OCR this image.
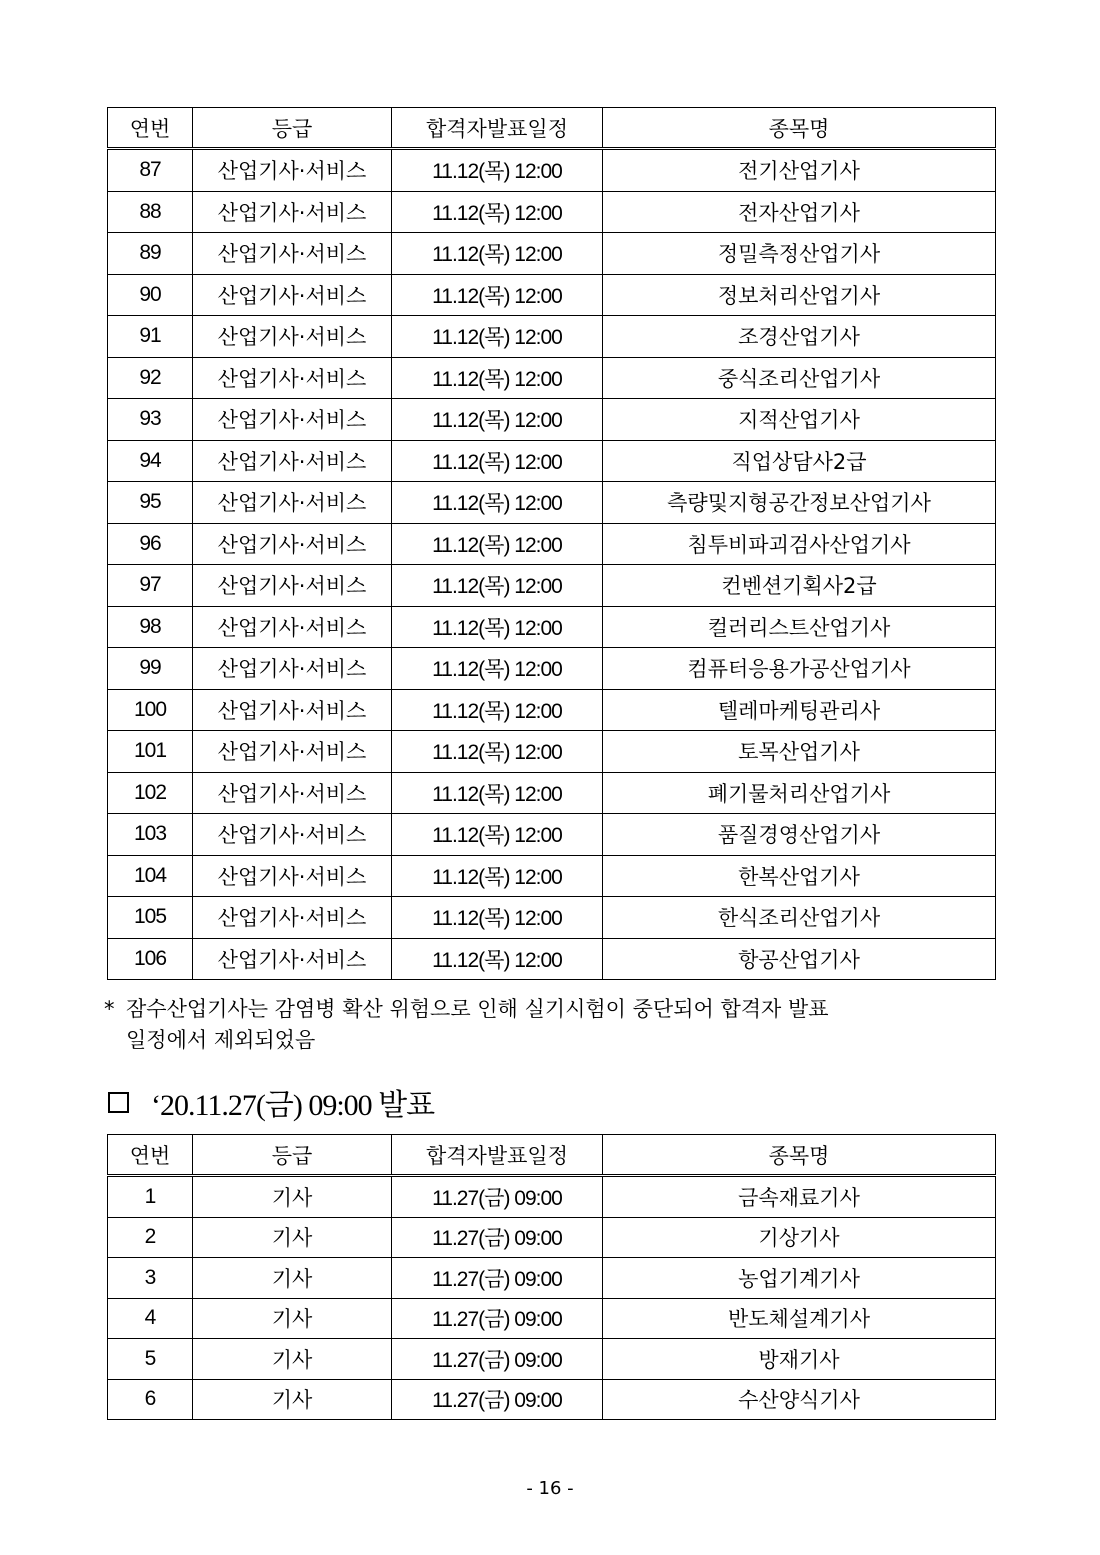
연번	등급	합격자발표일정	종목명
87	산업기사·서비스	11.12(목) 12:00	전기산업기사
88	산업기사·서비스	11.12(목) 12:00	전자산업기사
89	산업기사·서비스	11.12(목) 12:00	정밀측정산업기사
90	산업기사·서비스	11.12(목) 12:00	정보처리산업기사
91	산업기사·서비스	11.12(목) 12:00	조경산업기사
92	산업기사·서비스	11.12(목) 12:00	중식조리산업기사
93	산업기사·서비스	11.12(목) 12:00	지적산업기사
94	산업기사·서비스	11.12(목) 12:00	직업상담사2급
95	산업기사·서비스	11.12(목) 12:00	측량및지형공간정보산업기사
96	산업기사·서비스	11.12(목) 12:00	침투비파괴검사산업기사
97	산업기사·서비스	11.12(목) 12:00	컨벤션기획사2급
98	산업기사·서비스	11.12(목) 12:00	컬러리스트산업기사
99	산업기사·서비스	11.12(목) 12:00	컴퓨터응용가공산업기사
100	산업기사·서비스	11.12(목) 12:00	텔레마케팅관리사
101	산업기사·서비스	11.12(목) 12:00	토목산업기사
102	산업기사·서비스	11.12(목) 12:00	폐기물처리산업기사
103	산업기사·서비스	11.12(목) 12:00	품질경영산업기사
104	산업기사·서비스	11.12(목) 12:00	한복산업기사
105	산업기사·서비스	11.12(목) 12:00	한식조리산업기사
106	산업기사·서비스	11.12(목) 12:00	항공산업기사
* 잠수산업기사는 감염병 확산 위험으로 인해 실기시험이 중단되어 합격자 발표
일정에서 제외되었음
‘20.11.27(금) 09:00 발표
연번	등급	합격자발표일정	종목명
1	기사	11.27(금) 09:00	금속재료기사
2	기사	11.27(금) 09:00	기상기사
3	기사	11.27(금) 09:00	농업기계기사
4	기사	11.27(금) 09:00	반도체설계기사
5	기사	11.27(금) 09:00	방재기사
6	기사	11.27(금) 09:00	수산양식기사
- 16 -
